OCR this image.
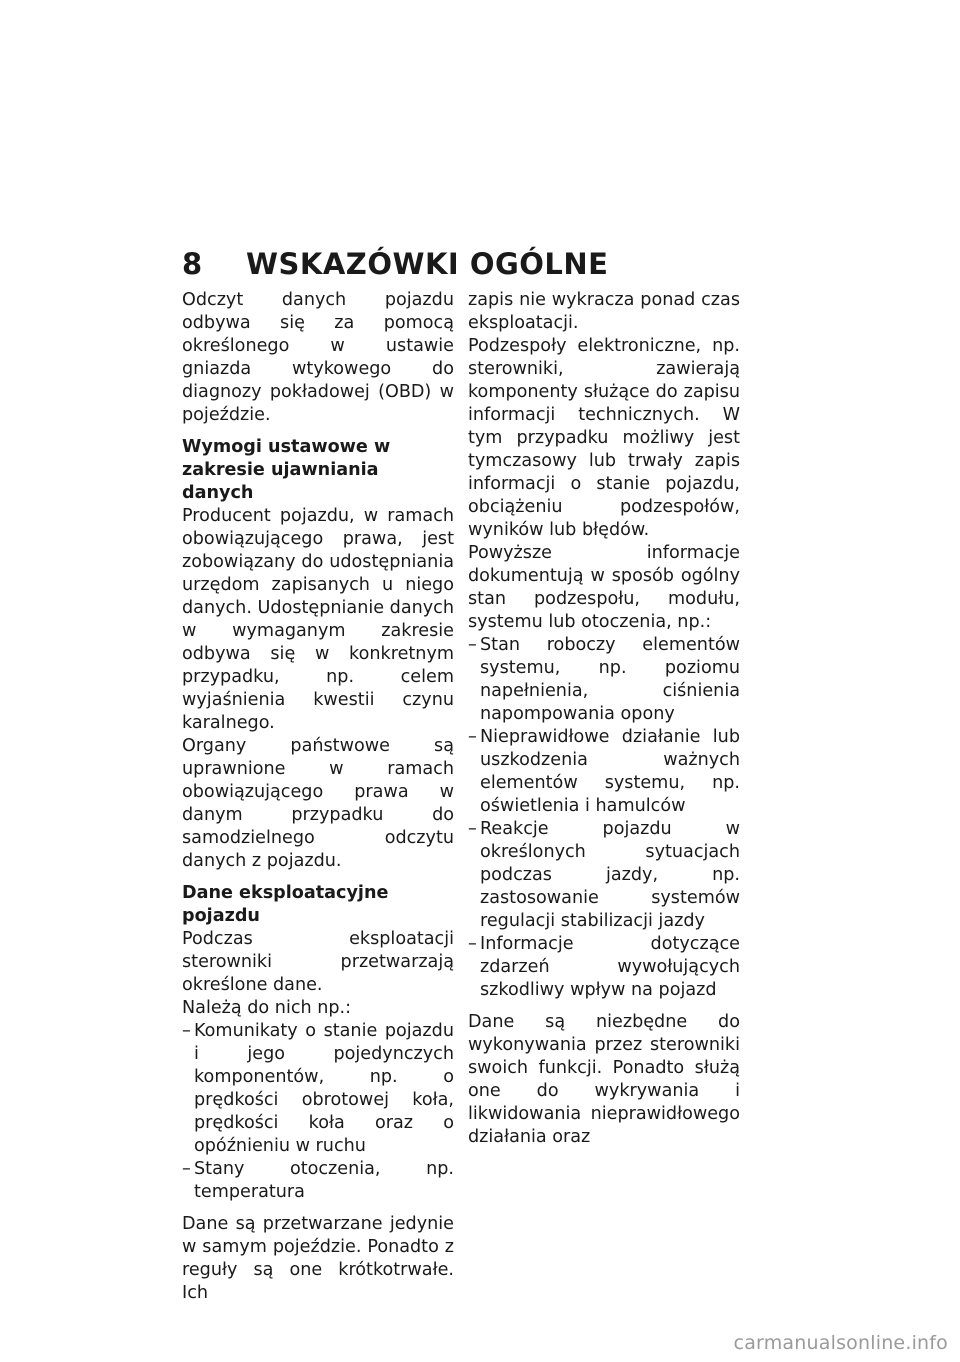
8 WSKAZÓWKI OGÓLNE

Odczyt danych pojazdu odbywa się za pomocą określonego w ustawie gniazda wtykowego do diagnozy pokładowej (OBD) w pojeździe.

Wymogi ustawowe w zakresie ujawniania danych

Producent pojazdu, w ramach obowiązującego prawa, jest zobowiązany do udostępniania urzędom zapisanych u niego danych. Udostępnianie danych w wymaganym zakresie odbywa się w konkretnym przypadku, np. celem wyjaśnienia kwestii czynu karalnego.

Organy państwowe są uprawnione w ramach obowiązującego prawa w danym przypadku do samodzielnego odczytu danych z pojazdu.

Dane eksploatacyjne pojazdu

Podczas eksploatacji sterowniki przetwarzają określone dane.

Należą do nich np.:

– Komunikaty o stanie pojazdu i jego pojedynczych komponentów, np. o prędkości obrotowej koła, prędkości koła oraz o opóźnieniu w ruchu
– Stany otoczenia, np. temperatura

Dane są przetwarzane jedynie w samym pojeździe. Ponadto z reguły są one krótkotrwałe. Ich

zapis nie wykracza ponad czas eksploatacji.

Podzespoły elektroniczne, np. sterowniki, zawierają komponenty służące do zapisu informacji technicznych. W tym przypadku możliwy jest tymczasowy lub trwały zapis informacji o stanie pojazdu, obciążeniu podzespołów, wyników lub błędów.

Powyższe informacje dokumentują w sposób ogólny stan podzespołu, modułu, systemu lub otoczenia, np.:

– Stan roboczy elementów systemu, np. poziomu napełnienia, ciśnienia napompowania opony
– Nieprawidłowe działanie lub uszkodzenia ważnych elementów systemu, np. oświetlenia i hamulców
– Reakcje pojazdu w określonych sytuacjach podczas jazdy, np. zastosowanie systemów regulacji stabilizacji jazdy
– Informacje dotyczące zdarzeń wywołujących szkodliwy wpływ na pojazd

Dane są niezbędne do wykonywania przez sterowniki swoich funkcji. Ponadto służą one do wykrywania i likwidowania nieprawidłowego działania oraz

carmanualsonline.info
